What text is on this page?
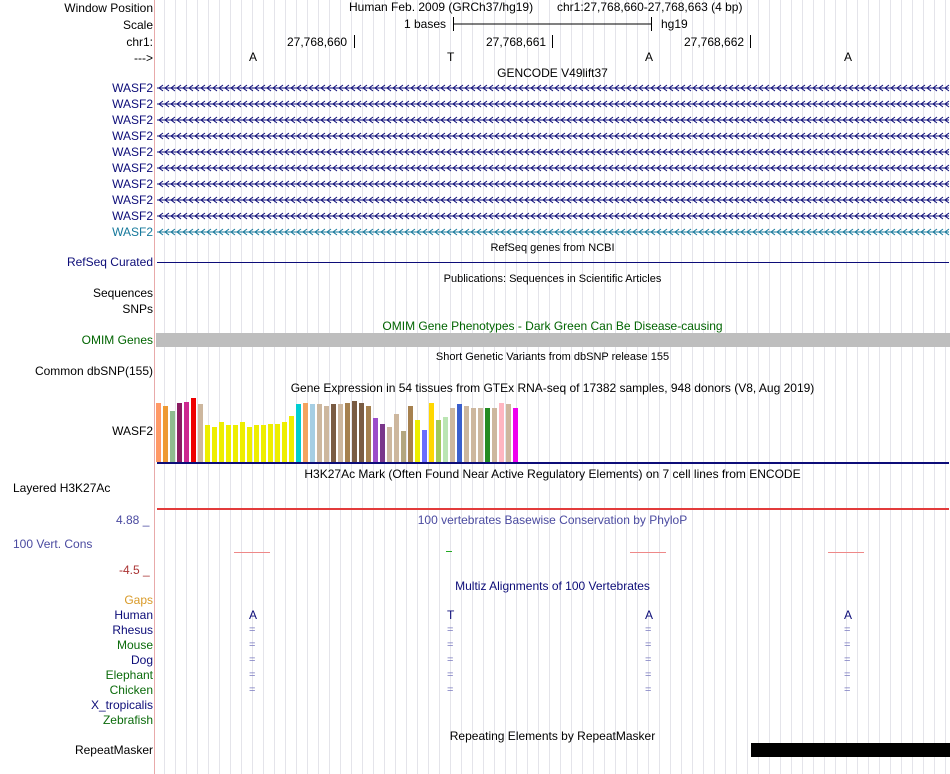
Window Position	Human Feb. 2009 (GRCh37/hg19) chr1:27,768,660-27,768,663 (4 bp)
Scale	1 bases	hg19
chr1:	27,768,660	27,768,661	27,768,662
--->	A	T	A	A
GENCODE V49lift37
WASF2
WASF2
WASF2
WASF2
WASF2
WASF2
WASF2
WASF2
WASF2
WASF2
RefSeq genes from NCBI
RefSeq Curated
Publications: Sequences in Scientific Articles
Sequences
SNPs
OMIM Gene Phenotypes - Dark Green Can Be Disease-causing
OMIM Genes
Short Genetic Variants from dbSNP release 155
Common dbSNP(155)
Gene Expression in 54 tissues from GTEx RNA-seq of 17382 samples, 948 donors (V8, Aug 2019)
WASF2
H3K27Ac Mark (Often Found Near Active Regulatory Elements) on 7 cell lines from ENCODE
Layered H3K27Ac
4.88 _	100 vertebrates Basewise Conservation by PhyloP
100 Vert. Cons
-4.5 _
Multiz Alignments of 100 Vertebrates
Gaps
Human	A	T	A	A
Rhesus	=	=	=	=
Mouse	=	=	=	=
Dog	=	=	=	=
Elephant	=	=	=	=
Chicken	=	=	=	=
X_tropicalis
Zebrafish
Repeating Elements by RepeatMasker
RepeatMasker
